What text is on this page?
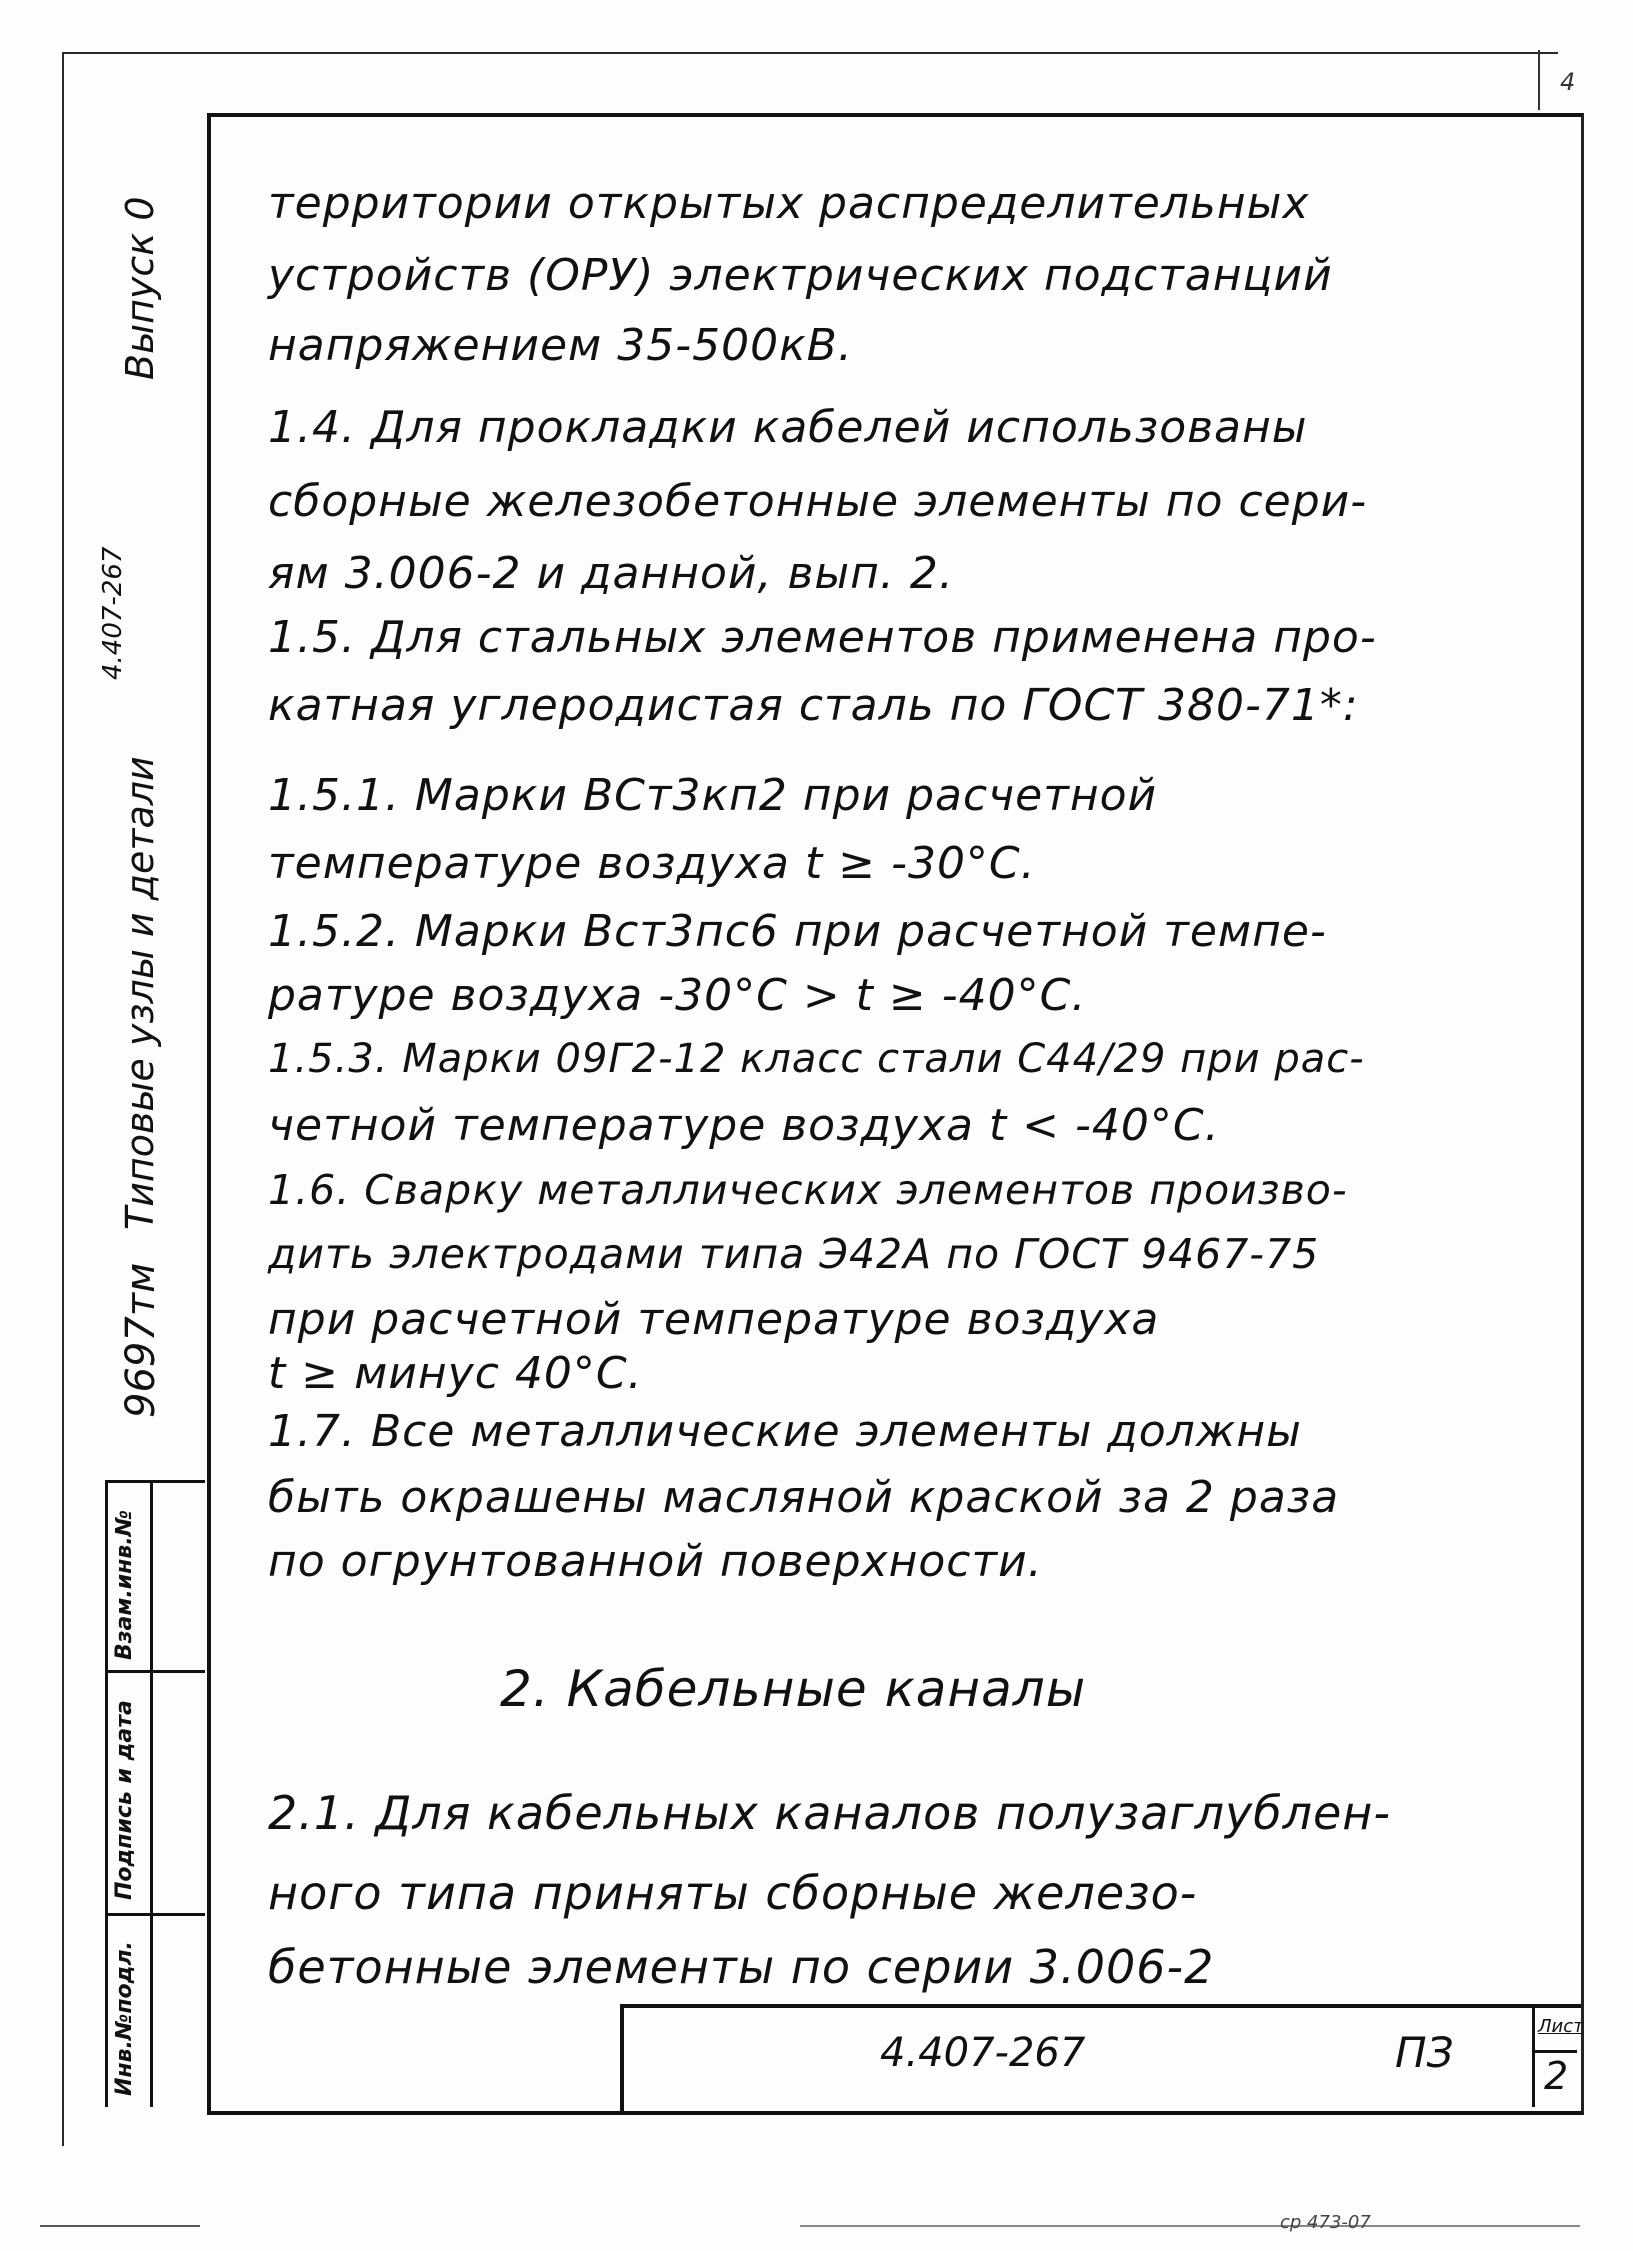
4
9697тм
4.407-267
Типовые узлы и детали
Выпуск 0
Инв.№подл.
Подпись и дата
Взам.инв.№
территории открытых распределительных
устройств (ОРУ) электрических подстанций
напряжением 35-500кВ.
1.4. Для прокладки кабелей использованы
сборные железобетонные элементы по сери-
ям 3.006-2 и данной, вып. 2.
1.5. Для стальных элементов применена про-
катная углеродистая сталь по ГОСТ 380-71*:
1.5.1. Марки ВСт3кп2 при расчетной
температуре воздуха t ≥ -30°С.
1.5.2. Марки Вст3пс6 при расчетной темпе-
ратуре воздуха -30°С > t ≥ -40°С.
1.5.3. Марки 09Г2-12 класс стали С44/29 при рас-
четной температуре воздуха t < -40°С.
1.6. Сварку металлических элементов произво-
дить электродами типа Э42А по ГОСТ 9467-75
при расчетной температуре воздуха
t ≥ минус 40°С.
1.7. Все металлические элементы должны
быть окрашены масляной краской за 2 раза
по огрунтованной поверхности.
2. Кабельные каналы
2.1. Для кабельных каналов полузаглублен-
ного типа приняты сборные железо-
бетонные элементы по серии 3.006-2
4.407-267	ПЗ
Лист
2
ср 473-07
